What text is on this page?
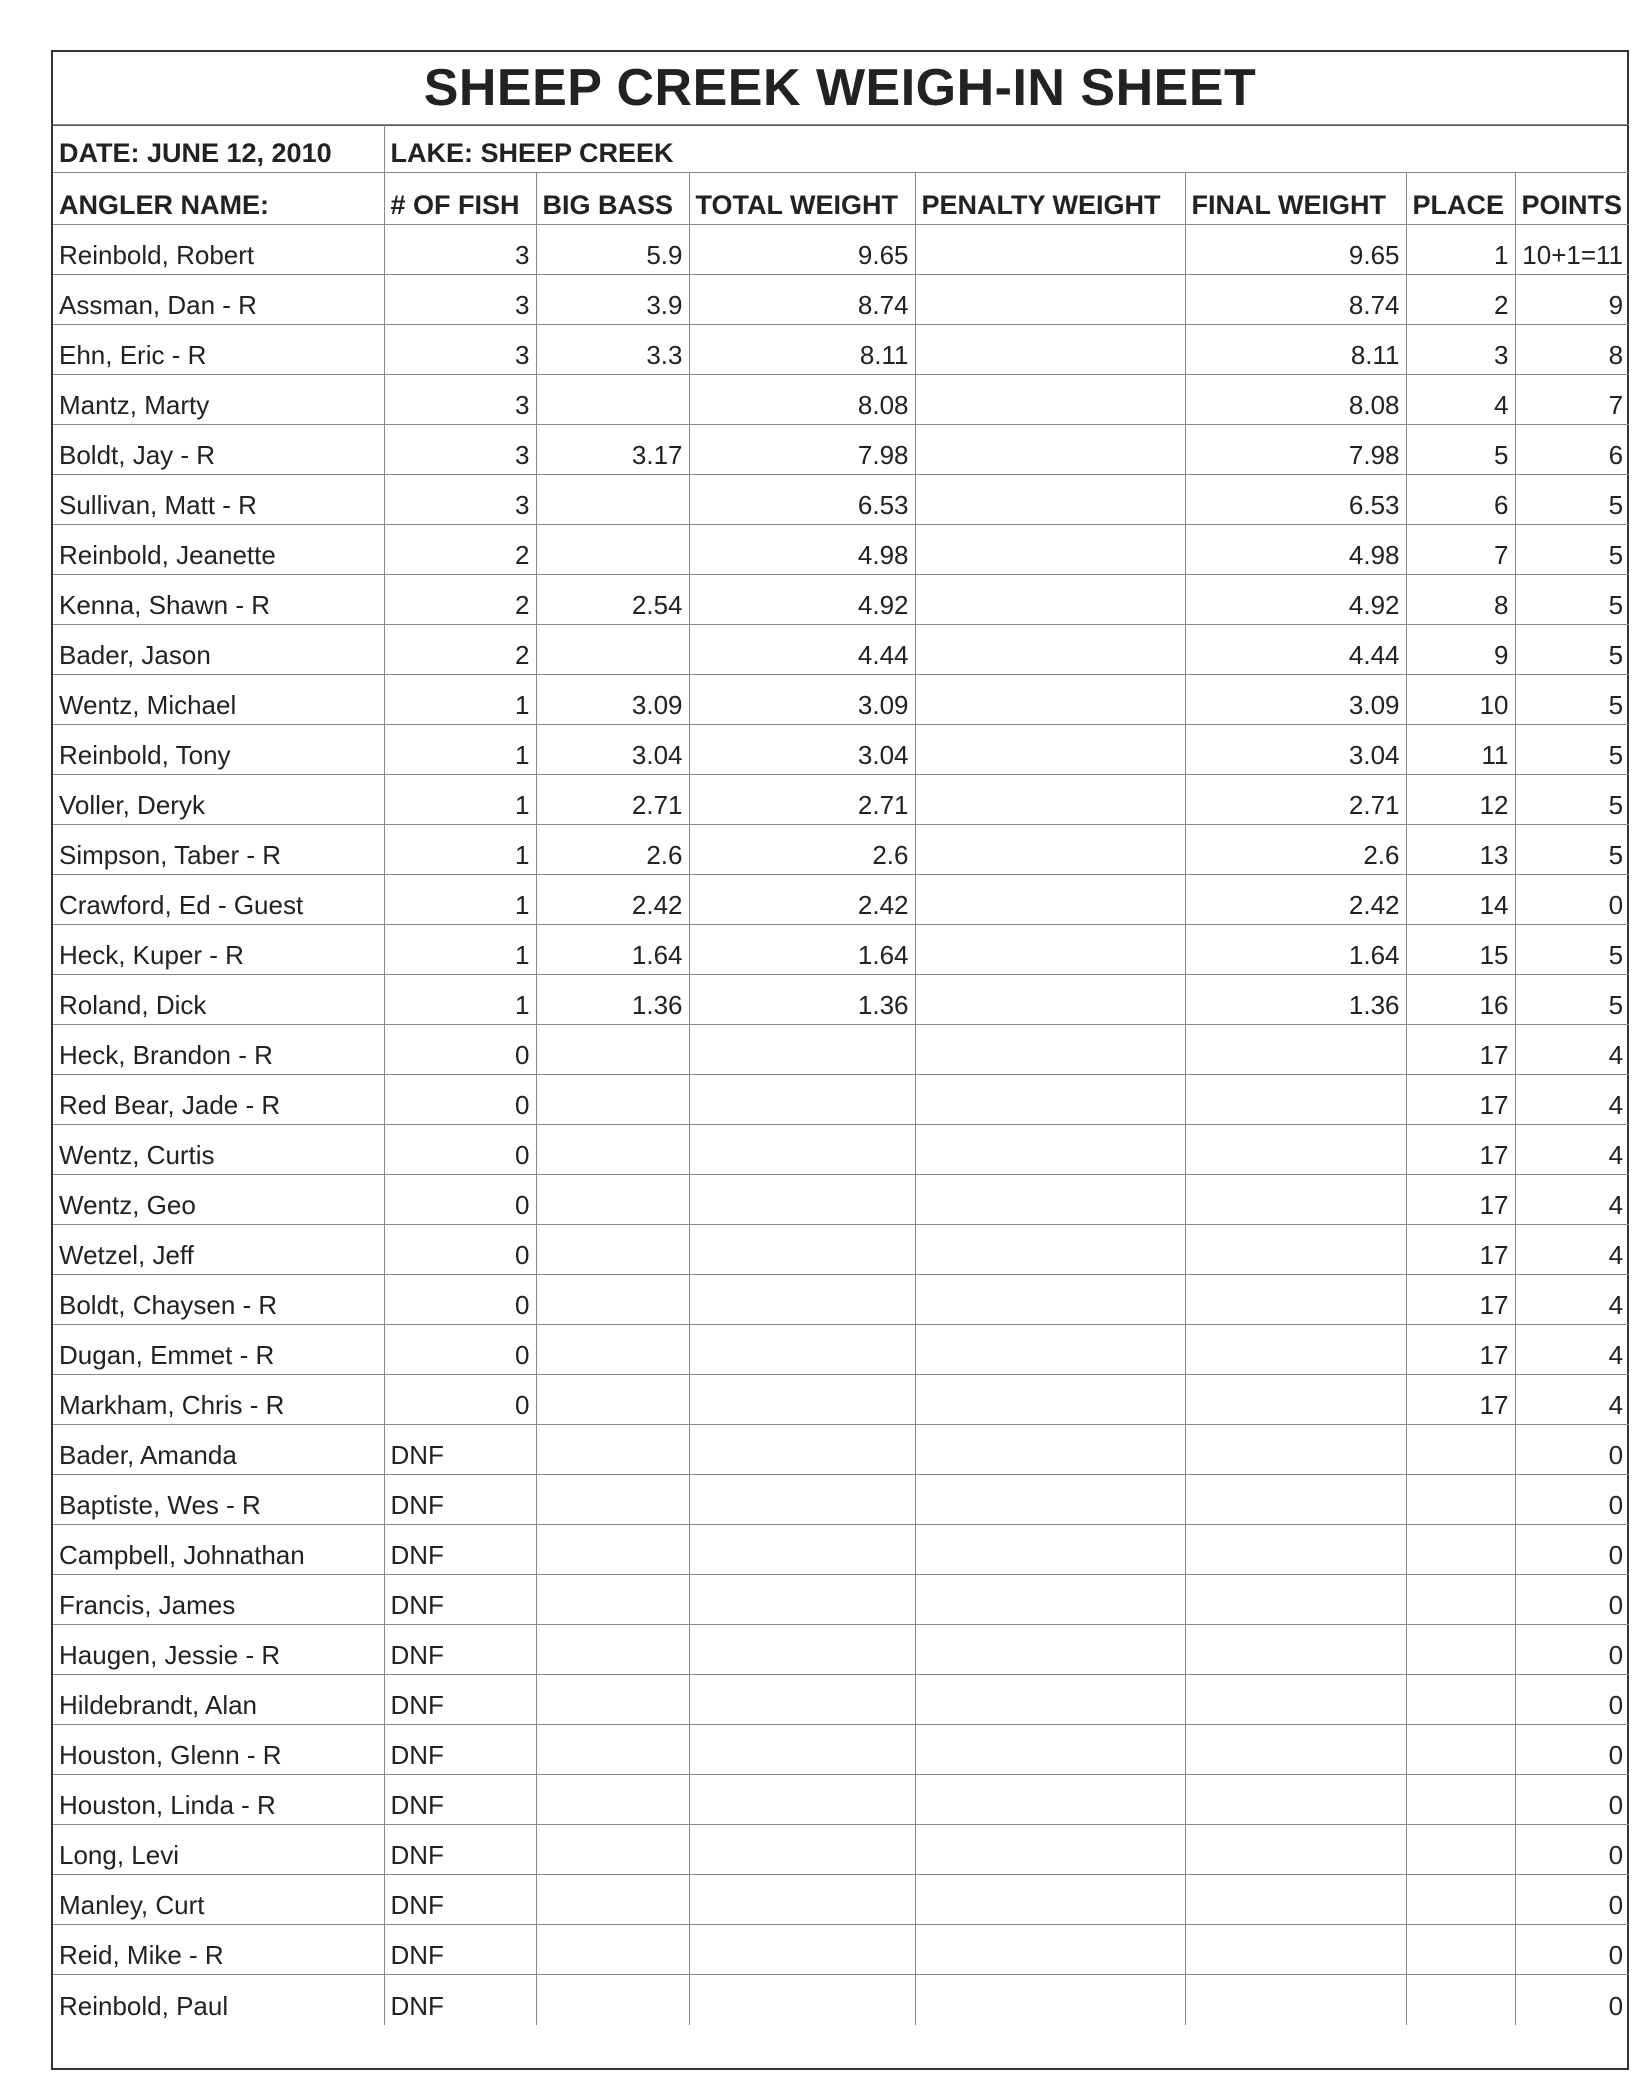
SHEEP CREEK WEIGH-IN SHEET
DATE: JUNE 12, 2010	LAKE: SHEEP CREEK						
ANGLER NAME:	# OF FISH	BIG BASS	TOTAL WEIGHT	PENALTY WEIGHT	FINAL WEIGHT	PLACE	POINTS
Reinbold, Robert	3	5.9	9.65		9.65	1	10+1=11
Assman, Dan - R	3	3.9	8.74		8.74	2	9
Ehn, Eric - R	3	3.3	8.11		8.11	3	8
Mantz, Marty	3		8.08		8.08	4	7
Boldt, Jay - R	3	3.17	7.98		7.98	5	6
Sullivan, Matt - R	3		6.53		6.53	6	5
Reinbold, Jeanette	2		4.98		4.98	7	5
Kenna, Shawn - R	2	2.54	4.92		4.92	8	5
Bader, Jason	2		4.44		4.44	9	5
Wentz, Michael	1	3.09	3.09		3.09	10	5
Reinbold, Tony	1	3.04	3.04		3.04	11	5
Voller, Deryk	1	2.71	2.71		2.71	12	5
Simpson, Taber - R	1	2.6	2.6		2.6	13	5
Crawford, Ed - Guest	1	2.42	2.42		2.42	14	0
Heck, Kuper - R	1	1.64	1.64		1.64	15	5
Roland, Dick	1	1.36	1.36		1.36	16	5
Heck, Brandon - R	0					17	4
Red Bear, Jade - R	0					17	4
Wentz, Curtis	0					17	4
Wentz, Geo	0					17	4
Wetzel, Jeff	0					17	4
Boldt, Chaysen - R	0					17	4
Dugan, Emmet - R	0					17	4
Markham, Chris - R	0					17	4
Bader, Amanda	DNF						0
Baptiste, Wes - R	DNF						0
Campbell, Johnathan	DNF						0
Francis, James	DNF						0
Haugen, Jessie - R	DNF						0
Hildebrandt, Alan	DNF						0
Houston, Glenn - R	DNF						0
Houston, Linda - R	DNF						0
Long, Levi	DNF						0
Manley, Curt	DNF						0
Reid, Mike - R	DNF						0
Reinbold, Paul	DNF						0
